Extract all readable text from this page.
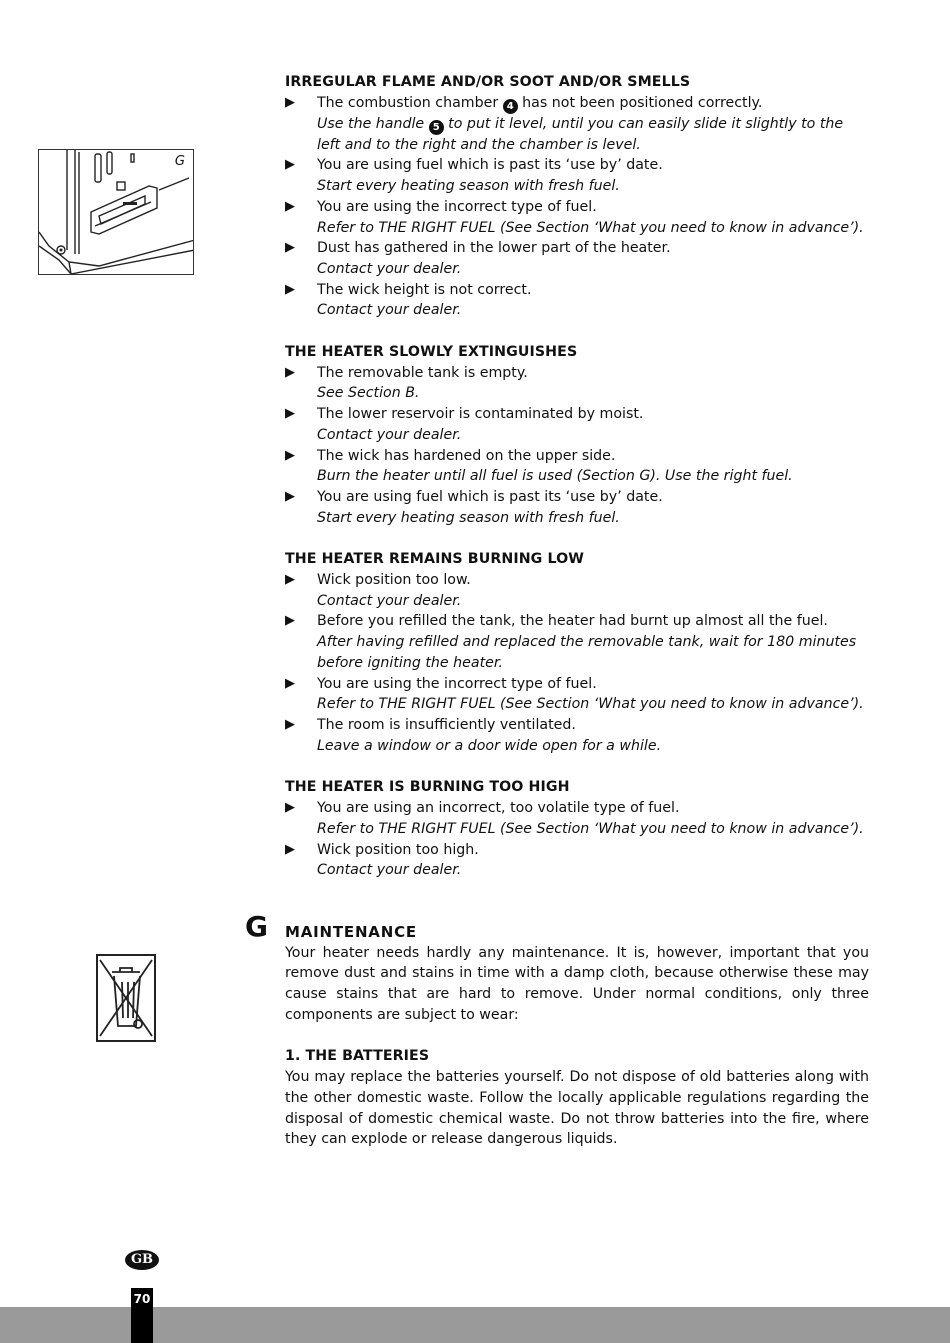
G
IRREGULAR FLAME AND/OR SOOT AND/OR SMELLS
▶ The combustion chamber 4 has not been positioned correctly.
Use the handle 5 to put it level, until you can easily slide it slightly to the left and to the right and the chamber is level.
▶ You are using fuel which is past its ‘use by’ date.
Start every heating season with fresh fuel.
▶ You are using the incorrect type of fuel.
Refer to THE RIGHT FUEL (See Section ‘What you need to know in advance’).
▶ Dust has gathered in the lower part of the heater.
Contact your dealer.
▶ The wick height is not correct.
Contact your dealer.
THE HEATER SLOWLY EXTINGUISHES
▶ The removable tank is empty.
See Section B.
▶ The lower reservoir is contaminated by moist.
Contact your dealer.
▶ The wick has hardened on the upper side.
Burn the heater until all fuel is used (Section G). Use the right fuel.
▶ You are using fuel which is past its ‘use by’ date.
Start every heating season with fresh fuel.
THE HEATER REMAINS BURNING LOW
▶ Wick position too low.
Contact your dealer.
▶ Before you refilled the tank, the heater had burnt up almost all the fuel.
After having refilled and replaced the removable tank, wait for 180 minutes before igniting the heater.
▶ You are using the incorrect type of fuel.
Refer to THE RIGHT FUEL (See Section ‘What you need to know in advance’).
▶ The room is insufficiently ventilated.
Leave a window or a door wide open for a while.
THE HEATER IS BURNING TOO HIGH
▶ You are using an incorrect, too volatile type of fuel.
Refer to THE RIGHT FUEL (See Section ‘What you need to know in advance’).
▶ Wick position too high.
Contact your dealer.
MAINTENANCE
Your heater needs hardly any maintenance. It is, however, important that you remove dust and stains in time with a damp cloth, because otherwise these may cause stains that are hard to remove. Under normal conditions, only three components are subject to wear:
1. THE BATTERIES
You may replace the batteries yourself. Do not dispose of old batteries along with the other domestic waste. Follow the locally applicable regulations regarding the disposal of domestic chemical waste. Do not throw batteries into the fire, where they can explode or release dangerous liquids.
G
GB
70
